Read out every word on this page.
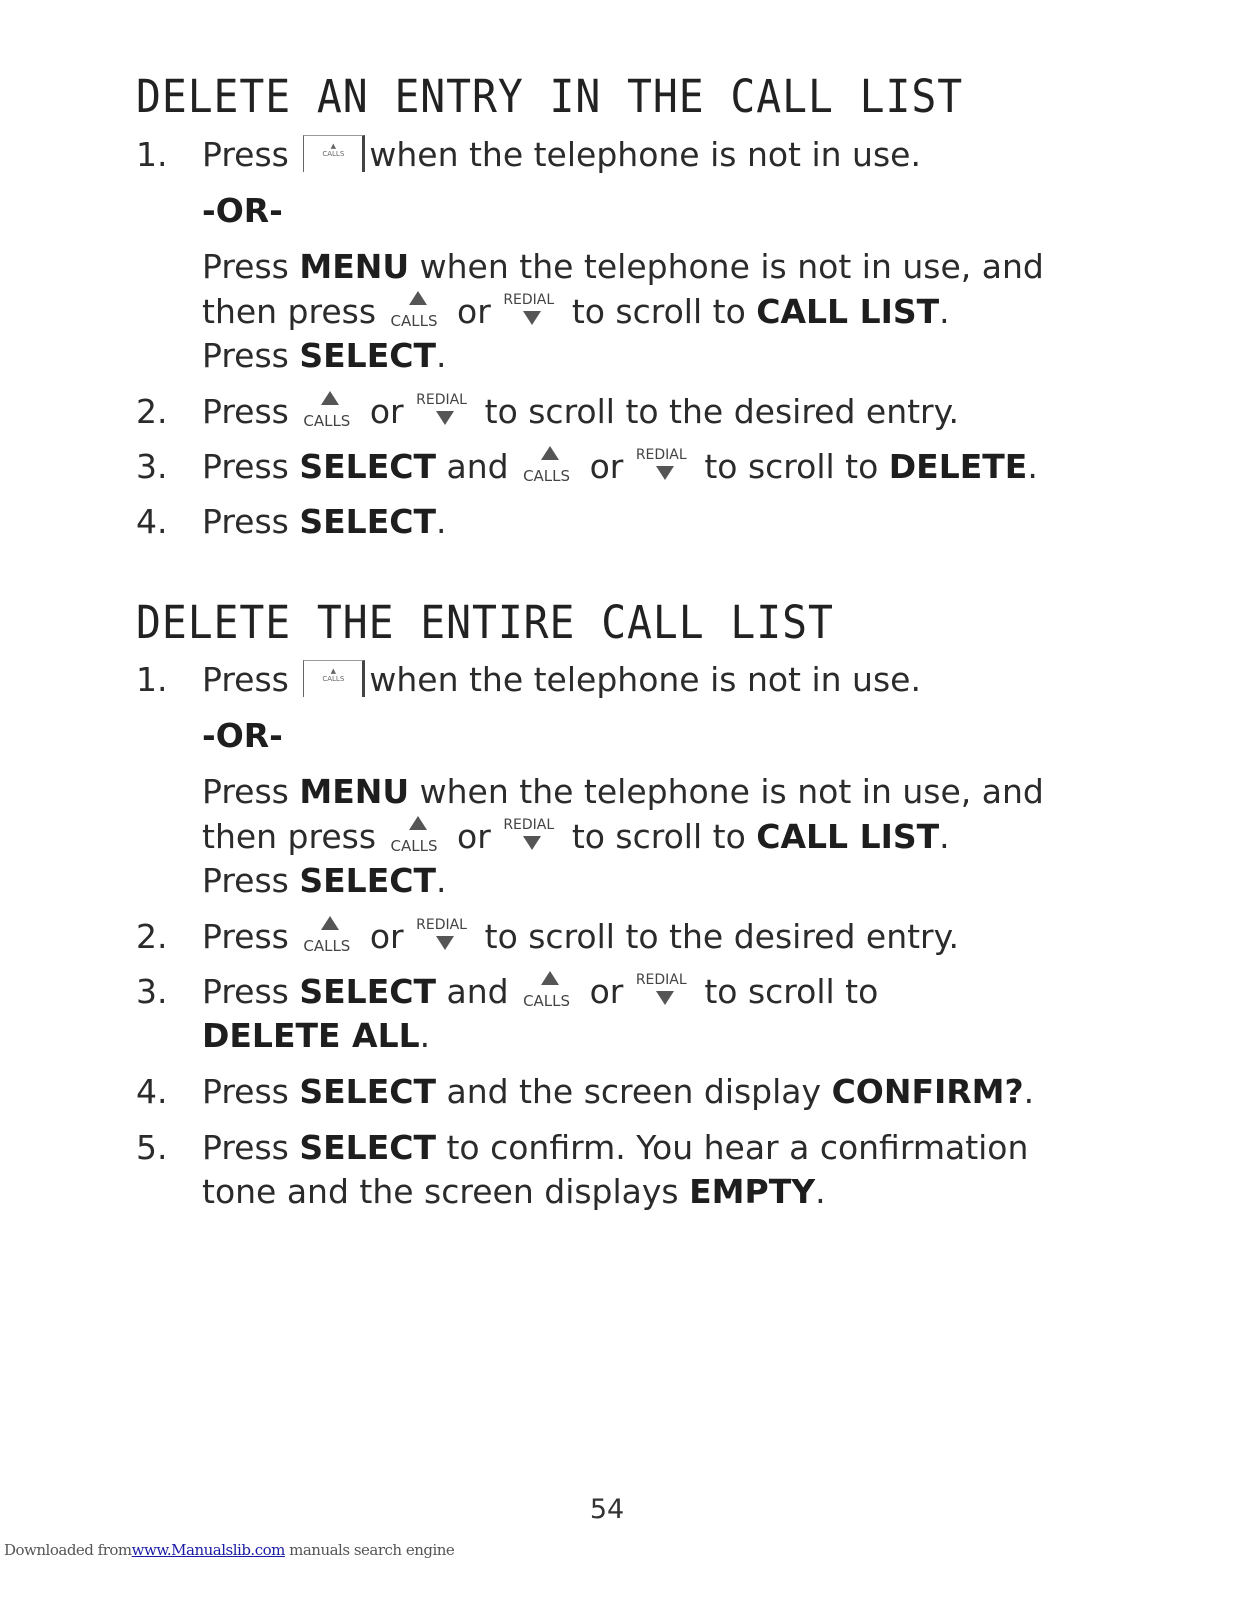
DELETE AN ENTRY IN THE CALL LIST
1. Press	▲
CALLS when the telephone is not in use.
-OR-
Press MENU when the telephone is not in use, and
then press CALLS or REDIAL to scroll to CALL LIST.
Press SELECT.
2. Press CALLS or REDIAL to scroll to the desired entry.
3. Press SELECT and CALLS or REDIAL to scroll to DELETE.
4. Press SELECT.
DELETE THE ENTIRE CALL LIST
1. Press	▲
CALLS when the telephone is not in use.
-OR-
Press MENU when the telephone is not in use, and
then press CALLS or REDIAL to scroll to CALL LIST.
Press SELECT.
2. Press CALLS or REDIAL to scroll to the desired entry.
3. Press SELECT and CALLS or REDIAL to scroll to
DELETE ALL.
4. Press SELECT and the screen display CONFIRM?.
5. Press SELECT to confirm. You hear a confirmation
tone and the screen displays EMPTY.
54
Downloaded fromwww.Manualslib.com manuals search engine
